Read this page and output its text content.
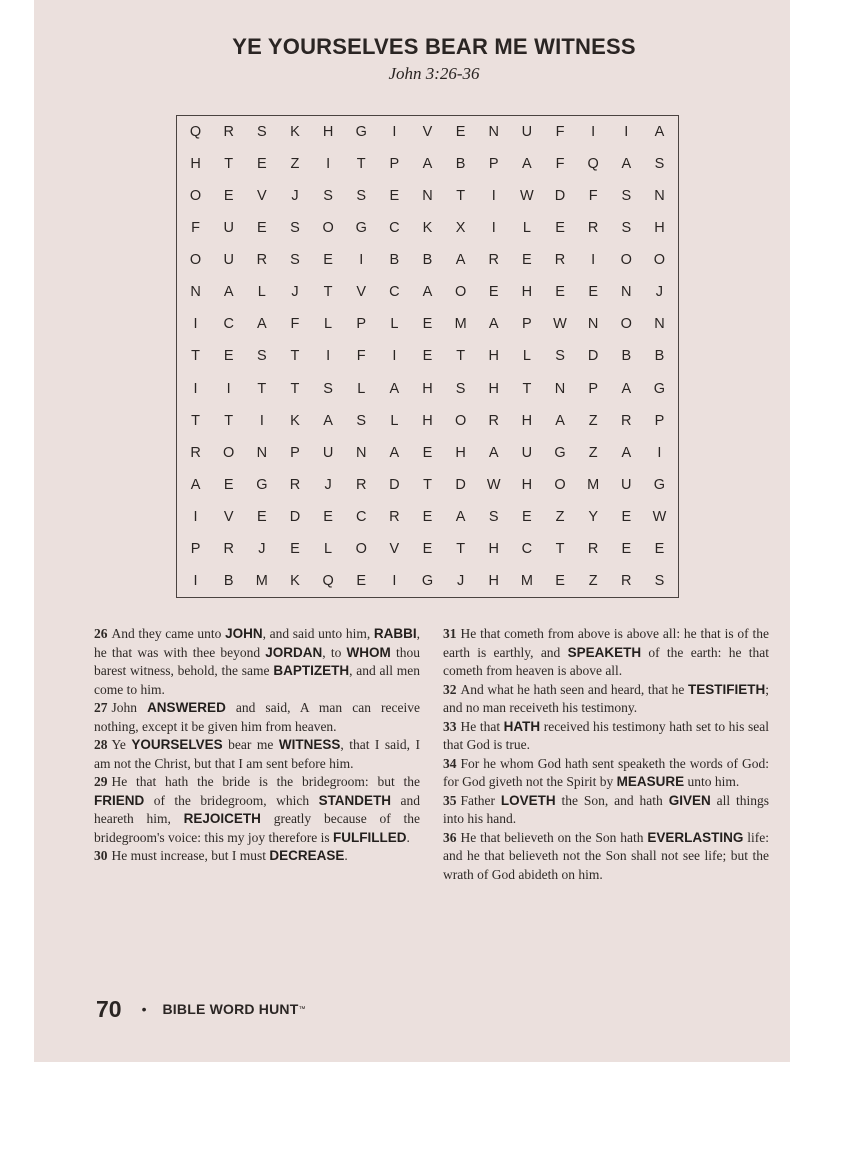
YE YOURSELVES BEAR ME WITNESS
John 3:26-36
Q	R	S	K	H	G	I	V	E	N	U	F	I	I	A
H	T	E	Z	I	T	P	A	B	P	A	F	Q	A	S
O	E	V	J	S	S	E	N	T	I	W	D	F	S	N
F	U	E	S	O	G	C	K	X	I	L	E	R	S	H
O	U	R	S	E	I	B	B	A	R	E	R	I	O	O
N	A	L	J	T	V	C	A	O	E	H	E	E	N	J
I	C	A	F	L	P	L	E	M	A	P	W	N	O	N
T	E	S	T	I	F	I	E	T	H	L	S	D	B	B
I	I	T	T	S	L	A	H	S	H	T	N	P	A	G
T	T	I	K	A	S	L	H	O	R	H	A	Z	R	P
R	O	N	P	U	N	A	E	H	A	U	G	Z	A	I
A	E	G	R	J	R	D	T	D	W	H	O	M	U	G
I	V	E	D	E	C	R	E	A	S	E	Z	Y	E	W
P	R	J	E	L	O	V	E	T	H	C	T	R	E	E
I	B	M	K	Q	E	I	G	J	H	M	E	Z	R	S

26 And they came unto JOHN, and said unto him, RABBI, he that was with thee beyond JORDAN, to WHOM thou barest witness, behold, the same BAPTIZETH, and all men come to him.

27 John ANSWERED and said, A man can receive nothing, except it be given him from heaven.

28 Ye YOURSELVES bear me WITNESS, that I said, I am not the Christ, but that I am sent before him.

29 He that hath the bride is the bridegroom: but the FRIEND of the bridegroom, which STANDETH and heareth him, REJOICETH greatly because of the bridegroom's voice: this my joy therefore is FULFILLED.

30 He must increase, but I must DECREASE.

31 He that cometh from above is above all: he that is of the earth is earthly, and SPEAKETH of the earth: he that cometh from heaven is above all.

32 And what he hath seen and heard, that he TESTIFIETH; and no man receiveth his testimony.

33 He that HATH received his testimony hath set to his seal that God is true.

34 For he whom God hath sent speaketh the words of God: for God giveth not the Spirit by MEASURE unto him.

35 Father LOVETH the Son, and hath GIVEN all things into his hand.

36 He that believeth on the Son hath EVERLASTING life: and he that believeth not the Son shall not see life; but the wrath of God abideth on him.

70 • BIBLE WORD HUNT ™
